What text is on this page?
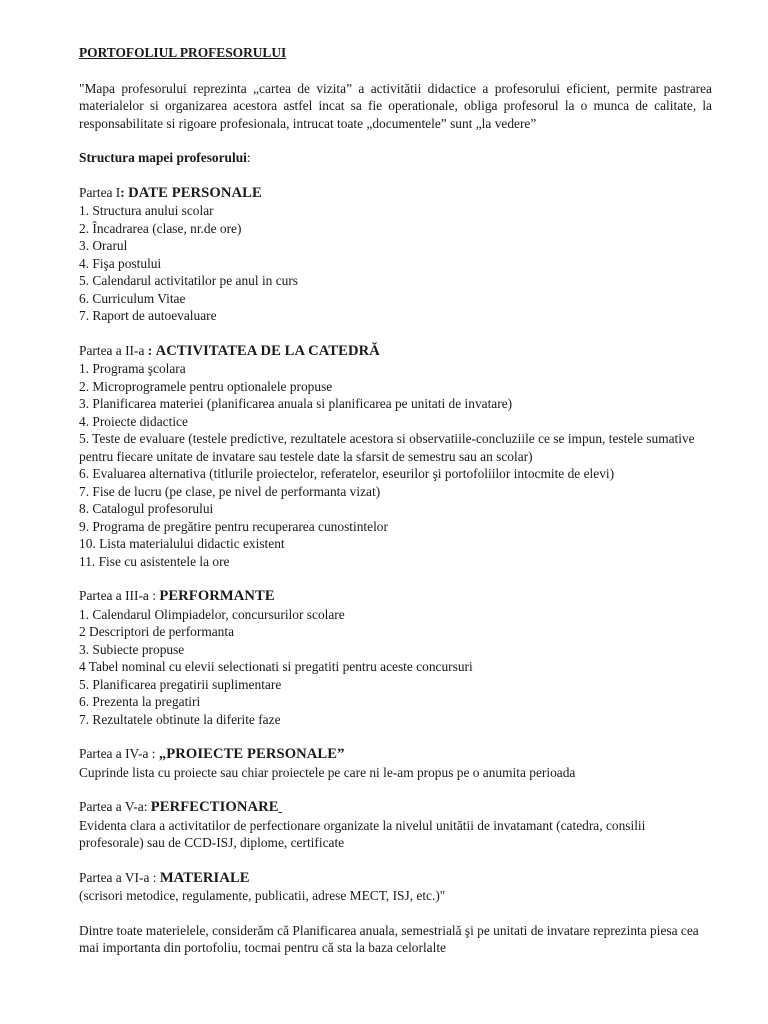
PORTOFOLIUL PROFESORULUI

"Mapa profesorului reprezinta „cartea de vizita” a activitătii didactice a profesorului eficient, permite pastrarea materialelor si organizarea acestora astfel incat sa fie operationale, obliga profesorul la o munca de calitate, la responsabilitate si rigoare profesionala, intrucat toate „documentele” sunt „la vedere”

Structura mapei profesorului:

Partea I: DATE PERSONALE

1. Structura anului scolar
2. Încadrarea (clase, nr.de ore)
3. Orarul
4. Fişa postului
5. Calendarul activitatilor pe anul in curs
6. Curriculum Vitae
7. Raport de autoevaluare

Partea a II-a : ACTIVITATEA DE LA CATEDRĂ

1. Programa şcolara
2. Microprogramele pentru optionalele propuse
3. Planificarea materiei (planificarea anuala si planificarea pe unitati de invatare)
4. Proiecte didactice
5. Teste de evaluare (testele predictive, rezultatele acestora si observatiile-concluziile ce se impun, testele sumative pentru fiecare unitate de invatare sau testele date la sfarsit de semestru sau an scolar)
6. Evaluarea alternativa (titlurile proiectelor, referatelor, eseurilor şi portofoliilor intocmite de elevi)
7. Fise de lucru (pe clase, pe nivel de performanta vizat)
8. Catalogul profesorului
9. Programa de pregătire pentru recuperarea cunostintelor
10. Lista materialului didactic existent
11. Fise cu asistentele la ore

Partea a III-a : PERFORMANTE

1. Calendarul Olimpiadelor, concursurilor scolare
2 Descriptori de performanta
3. Subiecte propuse
4 Tabel nominal cu elevii selectionati si pregatiti pentru aceste concursuri
5. Planificarea pregatirii suplimentare
6. Prezenta la pregatiri
7. Rezultatele obtinute la diferite faze

Partea a IV-a : „PROIECTE PERSONALE”

Cuprinde lista cu proiecte sau chiar proiectele pe care ni le-am propus pe o anumita perioada

Partea a V-a: PERFECTIONARE

Evidenta clara a activitatilor de perfectionare organizate la nivelul unitătii de invatamant (catedra, consilii profesorale) sau de CCD-ISJ, diplome, certificate

Partea a VI-a : MATERIALE

(scrisori metodice, regulamente, publicatii, adrese MECT, ISJ, etc.)"

Dintre toate materielele, considerăm că Planificarea anuala, semestrială şi pe unitati de invatare reprezinta piesa cea mai importanta din portofoliu, tocmai pentru că sta la baza celorlalte
